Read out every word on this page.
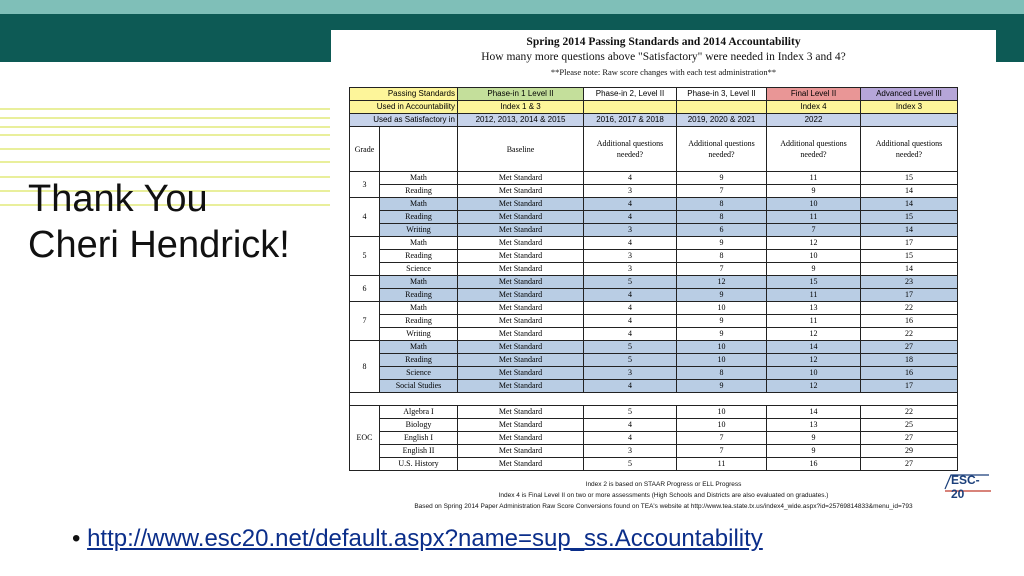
Thank You
Cheri Hendrick!
Spring 2014 Passing Standards and 2014 Accountability
How many more questions above "Satisfactory" were needed in Index 3 and 4?
**Please note: Raw score changes with each test administration**
Passing Standards		Phase-in 1 Level II	Phase-in 2, Level II	Phase-in 3, Level II	Final Level II	Advanced Level III	
Used in Accountability		Index 1 & 3			Index 4	Index 3	
Used as Satisfactory in		2012, 2013, 2014 & 2015	2016, 2017 & 2018	2019, 2020 & 2021	2022		
Grade		Baseline	Additional questions needed?	Additional questions needed?	Additional questions needed?	Additional questions needed?	
3	Math	Met Standard	4	9	11	15	
	Reading	Met Standard	3	7	9	14	
4	Math	Met Standard	4	8	10	14	
	Reading	Met Standard	4	8	11	15	
	Writing	Met Standard	3	6	7	14	
5	Math	Met Standard	4	9	12	17	
	Reading	Met Standard	3	8	10	15	
	Science	Met Standard	3	7	9	14	
6	Math	Met Standard	5	12	15	23	
	Reading	Met Standard	4	9	11	17	
7	Math	Met Standard	4	10	13	22	
	Reading	Met Standard	4	9	11	16	
	Writing	Met Standard	4	9	12	22	
8	Math	Met Standard	5	10	14	27	
	Reading	Met Standard	5	10	12	18	
	Science	Met Standard	3	8	10	16	
	Social Studies	Met Standard	4	9	12	17	

EOC	Algebra I	Met Standard	5	10	14	22	
	Biology	Met Standard	4	10	13	25	
	English I	Met Standard	4	7	9	27	
	English II	Met Standard	3	7	9	29	
	U.S. History	Met Standard	5	11	16	27	
Index 2 is based on STAAR Progress or ELL Progress
Index 4 is Final Level II on two or more assessments (High Schools and Districts are also evaluated on graduates.)
Based on Spring 2014 Paper Administration Raw Score Conversions found on TEA's website at http://www.tea.state.tx.us/index4_wide.aspx?id=25769814833&menu_id=793
ESC-20
• http://www.esc20.net/default.aspx?name=sup_ss.Accountability
